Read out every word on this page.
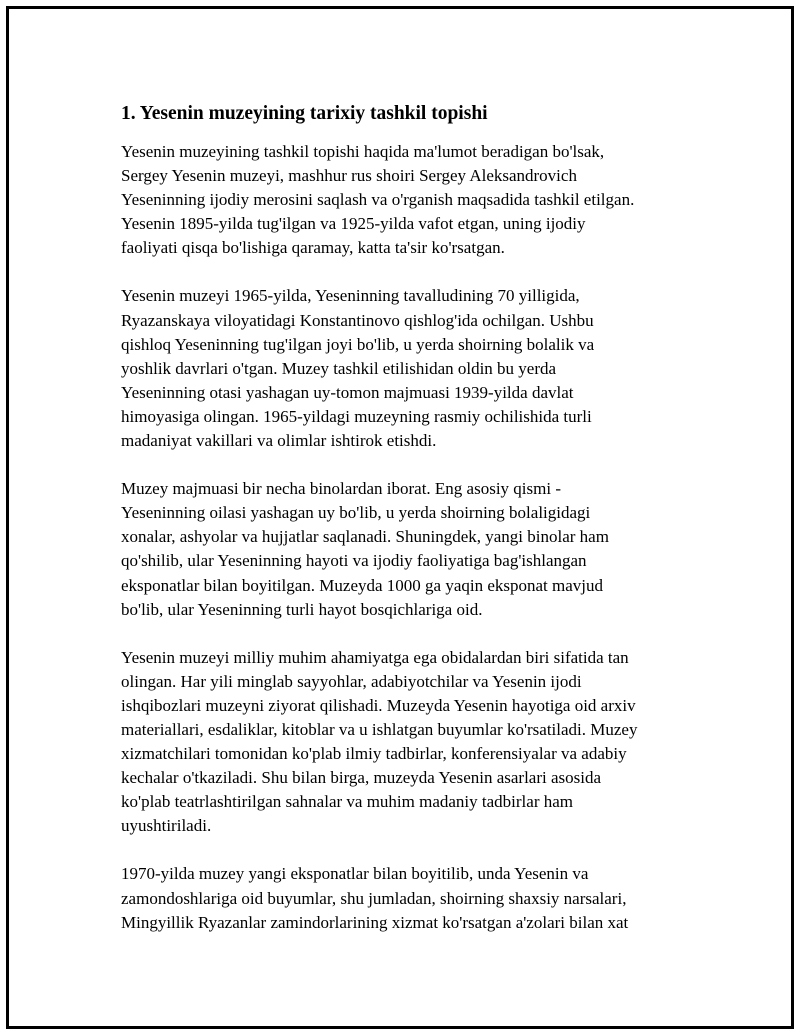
1. Yesenin muzeyining tarixiy tashkil topishi

Yesenin muzeyining tashkil topishi haqida ma'lumot beradigan bo'lsak,
Sergey Yesenin muzeyi, mashhur rus shoiri Sergey Aleksandrovich
Yeseninning ijodiy merosini saqlash va o'rganish maqsadida tashkil etilgan.
Yesenin 1895-yilda tug'ilgan va 1925-yilda vafot etgan, uning ijodiy
faoliyati qisqa bo'lishiga qaramay, katta ta'sir ko'rsatgan.

Yesenin muzeyi 1965-yilda, Yeseninning tavalludining 70 yilligida,
Ryazanskaya viloyatidagi Konstantinovo qishlog'ida ochilgan. Ushbu
qishloq Yeseninning tug'ilgan joyi bo'lib, u yerda shoirning bolalik va
yoshlik davrlari o'tgan. Muzey tashkil etilishidan oldin bu yerda
Yeseninning otasi yashagan uy-tomon majmuasi 1939-yilda davlat
himoyasiga olingan. 1965-yildagi muzeyning rasmiy ochilishida turli
madaniyat vakillari va olimlar ishtirok etishdi.

Muzey majmuasi bir necha binolardan iborat. Eng asosiy qismi -
Yeseninning oilasi yashagan uy bo'lib, u yerda shoirning bolaligidagi
xonalar, ashyolar va hujjatlar saqlanadi. Shuningdek, yangi binolar ham
qo'shilib, ular Yeseninning hayoti va ijodiy faoliyatiga bag'ishlangan
eksponatlar bilan boyitilgan. Muzeyda 1000 ga yaqin eksponat mavjud
bo'lib, ular Yeseninning turli hayot bosqichlariga oid.

Yesenin muzeyi milliy muhim ahamiyatga ega obidalardan biri sifatida tan
olingan. Har yili minglab sayyohlar, adabiyotchilar va Yesenin ijodi
ishqibozlari muzeyni ziyorat qilishadi. Muzeyda Yesenin hayotiga oid arxiv
materiallari, esdaliklar, kitoblar va u ishlatgan buyumlar ko'rsatiladi. Muzey
xizmatchilari tomonidan ko'plab ilmiy tadbirlar, konferensiyalar va adabiy
kechalar o'tkaziladi. Shu bilan birga, muzeyda Yesenin asarlari asosida
ko'plab teatrlashtirilgan sahnalar va muhim madaniy tadbirlar ham
uyushtiriladi.

1970-yilda muzey yangi eksponatlar bilan boyitilib, unda Yesenin va
zamondoshlariga oid buyumlar, shu jumladan, shoirning shaxsiy narsalari,
Mingyillik Ryazanlar zamindorlarining xizmat ko'rsatgan a'zolari bilan xat
